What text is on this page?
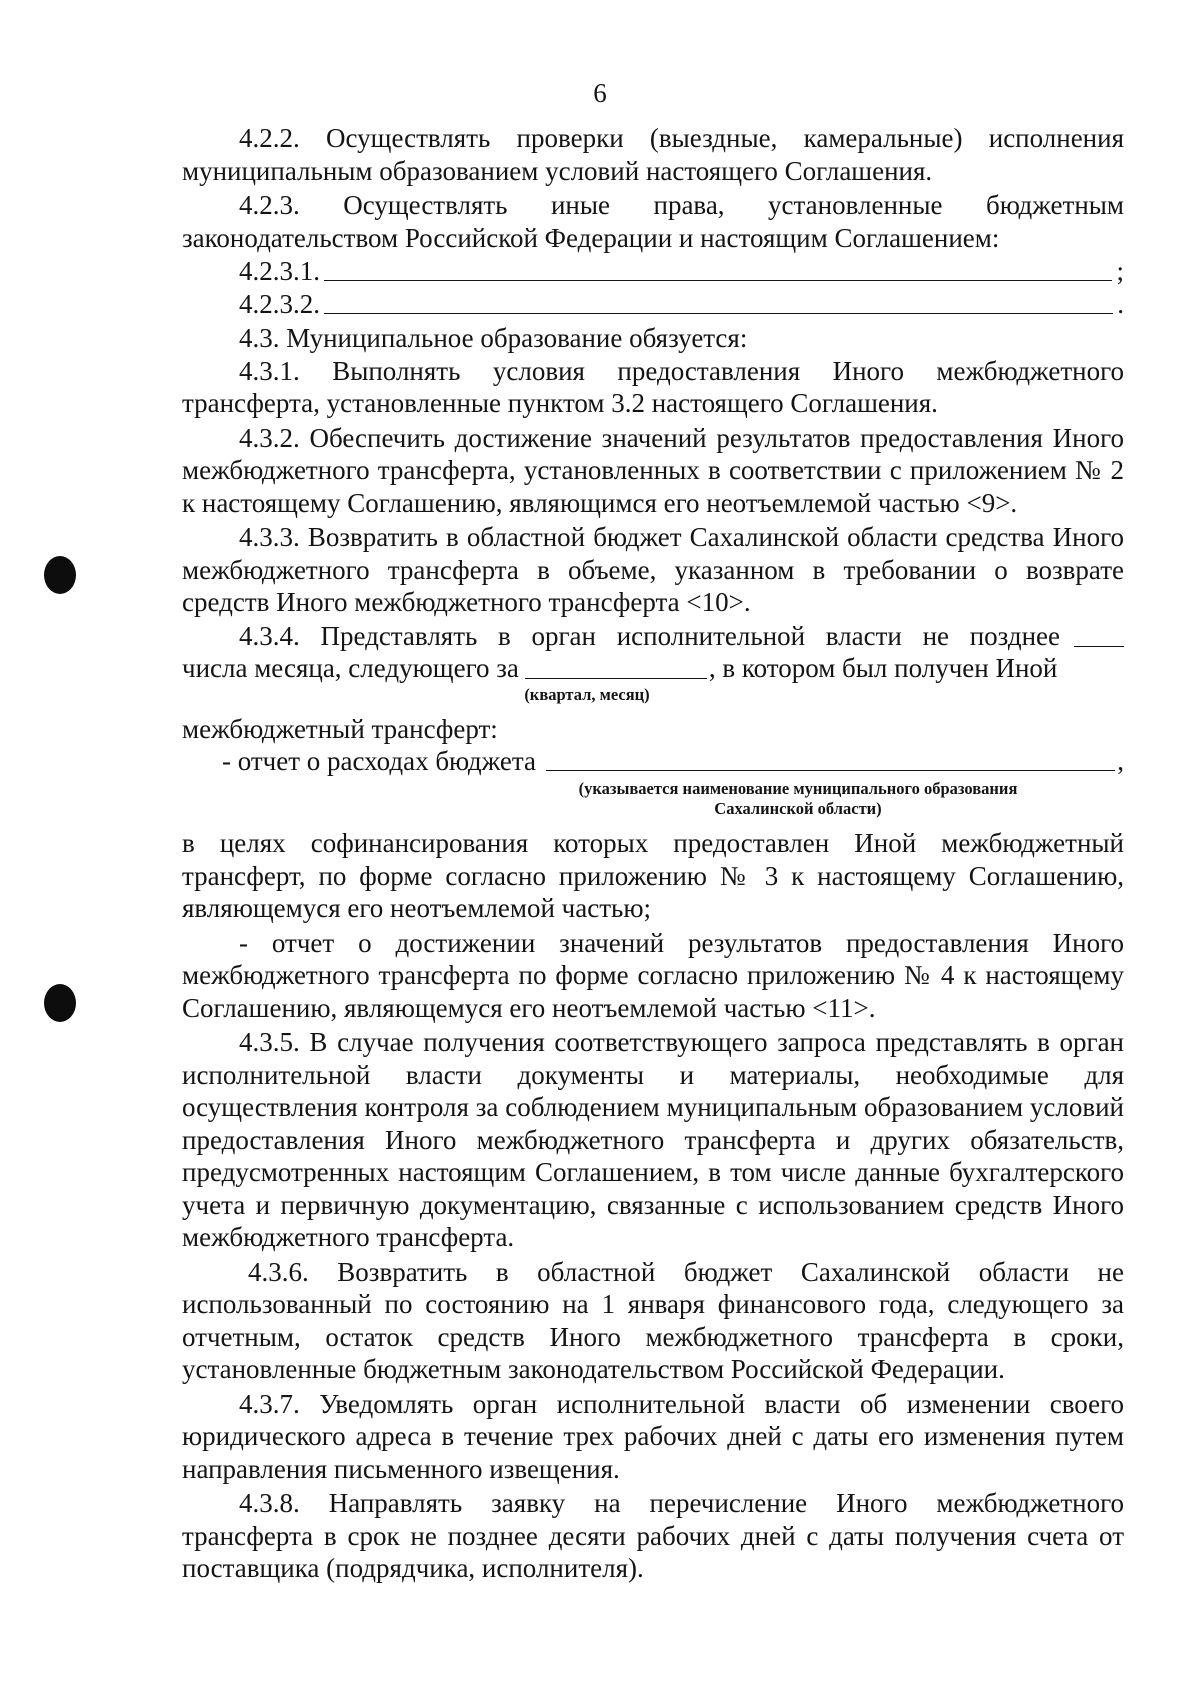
6

4.2.2. Осуществлять проверки (выездные, камеральные) исполнения муниципальным образованием условий настоящего Соглашения.

4.2.3. Осуществлять иные права, установленные бюджетным законодательством Российской Федерации и настоящим Соглашением:

4.2.3.1.	;
4.2.3.2.	.

4.3. Муниципальное образование обязуется:

4.3.1. Выполнять условия предоставления Иного межбюджетного трансферта, установленные пунктом 3.2 настоящего Соглашения.

4.3.2. Обеспечить достижение значений результатов предоставления Иного межбюджетного трансферта, установленных в соответствии с приложением № 2 к настоящему Соглашению, являющимся его неотъемлемой частью <9>.

4.3.3. Возвратить в областной бюджет Сахалинской области средства Иного межбюджетного трансферта в объеме, указанном в требовании о возврате средств Иного межбюджетного трансферта <10>.

4.3.4. Представлять в орган исполнительной власти не позднее
числа месяца, следующего за	, в котором был получен Иной
(квартал, месяц)

межбюджетный трансферт:

- отчет о расходах бюджета	,
(указывается наименование муниципального образования Сахалинской области)

в целях софинансирования которых предоставлен Иной межбюджетный трансферт, по форме согласно приложению № 3 к настоящему Соглашению, являющемуся его неотъемлемой частью;

- отчет о достижении значений результатов предоставления Иного межбюджетного трансферта по форме согласно приложению № 4 к настоящему Соглашению, являющемуся его неотъемлемой частью <11>.

4.3.5. В случае получения соответствующего запроса представлять в орган исполнительной власти документы и материалы, необходимые для осуществления контроля за соблюдением муниципальным образованием условий предоставления Иного межбюджетного трансферта и других обязательств, предусмотренных настоящим Соглашением, в том числе данные бухгалтерского учета и первичную документацию, связанные с использованием средств Иного межбюджетного трансферта.

4.3.6. Возвратить в областной бюджет Сахалинской области не использованный по состоянию на 1 января финансового года, следующего за отчетным, остаток средств Иного межбюджетного трансферта в сроки, установленные бюджетным законодательством Российской Федерации.

4.3.7. Уведомлять орган исполнительной власти об изменении своего юридического адреса в течение трех рабочих дней с даты его изменения путем направления письменного извещения.

4.3.8. Направлять заявку на перечисление Иного межбюджетного трансферта в срок не позднее десяти рабочих дней с даты получения счета от поставщика (подрядчика, исполнителя).
